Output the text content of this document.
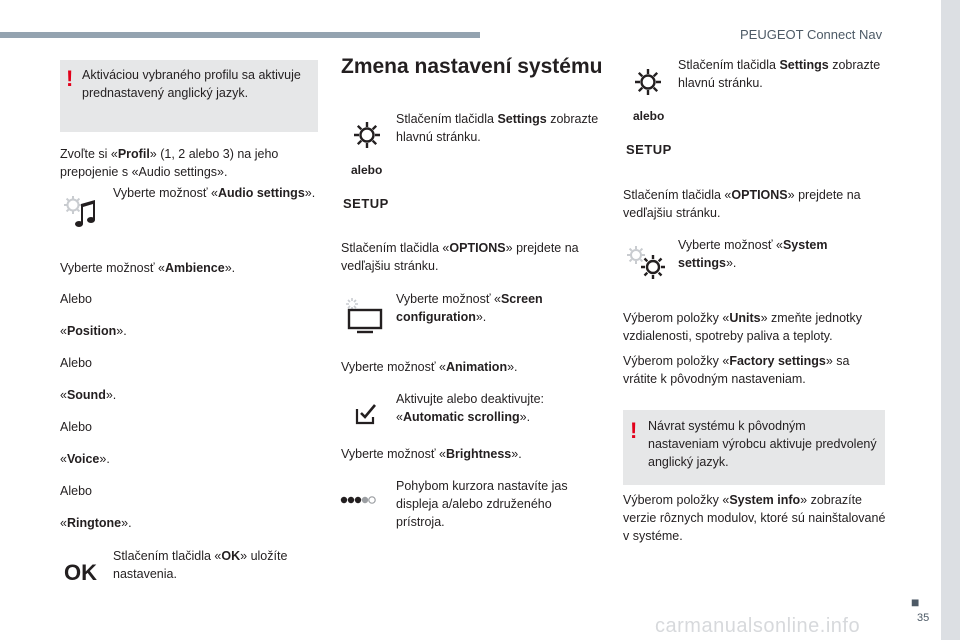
PEUGEOT Connect Nav
■
35
carmanualsonline.info
! Aktiváciou vybraného profilu sa aktivuje prednastavený anglický jazyk.

Zvoľte si «Profil» (1, 2 alebo 3) na jeho prepojenie s «Audio settings».

Vyberte možnosť «Audio settings».

Vyberte možnosť «Ambience».

Alebo

«Position».

Alebo

«Sound».

Alebo

«Voice».

Alebo

«Ringtone».

OK

Stlačením tlačidla «OK» uložíte nastavenia.

Zmena nastavení systému

Stlačením tlačidla Settings zobrazte hlavnú stránku.

alebo
SETUP

Stlačením tlačidla «OPTIONS» prejdete na vedľajšiu stránku.

Vyberte možnosť «Screen configuration».

Vyberte možnosť «Animation».

Aktivujte alebo deaktivujte: «Automatic scrolling».

Vyberte možnosť «Brightness».

Pohybom kurzora nastavíte jas displeja a/alebo združeného prístroja.

Stlačením tlačidla Settings zobrazte hlavnú stránku.

alebo
SETUP

Stlačením tlačidla «OPTIONS» prejdete na vedľajšiu stránku.

Vyberte možnosť «System settings».

Výberom položky «Units» zmeňte jednotky vzdialenosti, spotreby paliva a teploty.

Výberom položky «Factory settings» sa vrátite k pôvodným nastaveniam.

! Návrat systému k pôvodným nastaveniam výrobcu aktivuje predvolený anglický jazyk.

Výberom položky «System info» zobrazíte verzie rôznych modulov, ktoré sú nainštalované v systéme.
